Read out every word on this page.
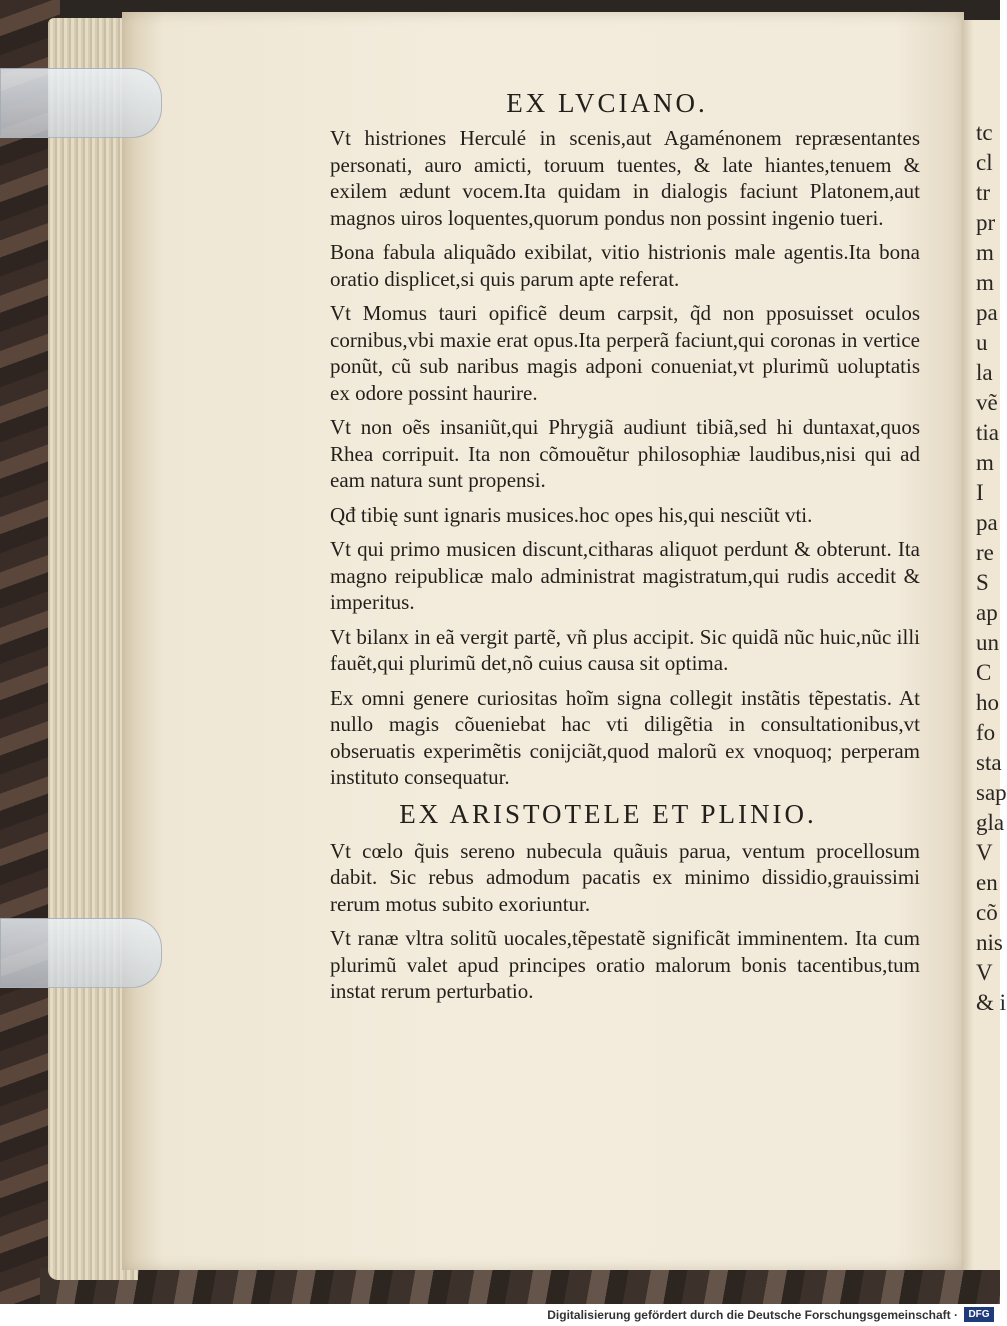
tc
cl
tr
pr
m
m
pa
u
la
vẽ
tia
m
I
pa
re
S
ap
un
C
ho
fo
sta
sap
gla
V
en
cõ
nis
V
& i
EX LVCIANO.

Vt histriones Herculé in scenis,aut Agaménonem repræsentantes personati, auro amicti, toruum tuentes, & late hiantes,tenuem & exilem ædunt vocem.Ita quidam in dialogis faciunt Platonem,aut magnos uiros loquentes,quorum pondus non possint ingenio tueri.

Bona fabula aliquãdo exibilat, vitio histrionis male agentis.Ita bona oratio displicet,si quis parum apte referat.

Vt Momus tauri opificẽ deum carpsit, q̃d non pposuisset oculos cornibus,vbi maxie erat opus.Ita perperã faciunt,qui coronas in vertice ponũt, cũ sub naribus magis adponi conueniat,vt plurimũ uoluptatis ex odore possint haurire.

Vt non oẽs insaniũt,qui Phrygiã audiunt tibiã,sed hi duntaxat,quos Rhea corripuit. Ita non cõmouẽtur philosophiæ laudibus,nisi qui ad eam natura sunt propensi.

Qđ tibię sunt ignaris musices.hoc opes his,qui nesciũt vti.

Vt qui primo musicen discunt,citharas aliquot perdunt & obterunt. Ita magno reipublicæ malo administrat magistratum,qui rudis accedit & imperitus.

Vt bilanx in eã vergit partẽ, vñ plus accipit. Sic quidã nũc huic,nũc illi fauẽt,qui plurimũ det,nõ cuius causa sit optima.

Ex omni genere curiositas hoĩm signa collegit instãtis tẽpestatis. At nullo magis cõueniebat hac vti diligẽtia in consultationibus,vt obseruatis experimẽtis conijciãt,quod malorũ ex vnoquoq; perperam instituto consequatur.

EX ARISTOTELE ET PLINIO.

Vt cœlo q̃uis sereno nubecula quãuis parua, ventum procellosum dabit. Sic rebus admodum pacatis ex minimo dissidio,grauissimi rerum motus subito exoriuntur.

Vt ranæ vltra solitũ uocales,tẽpestatẽ significãt imminentem. Ita cum plurimũ valet apud principes oratio malorum bonis tacentibus,tum instat rerum perturbatio.

Digitalisierung gefördert durch die Deutsche Forschungsgemeinschaft ·	DFG
